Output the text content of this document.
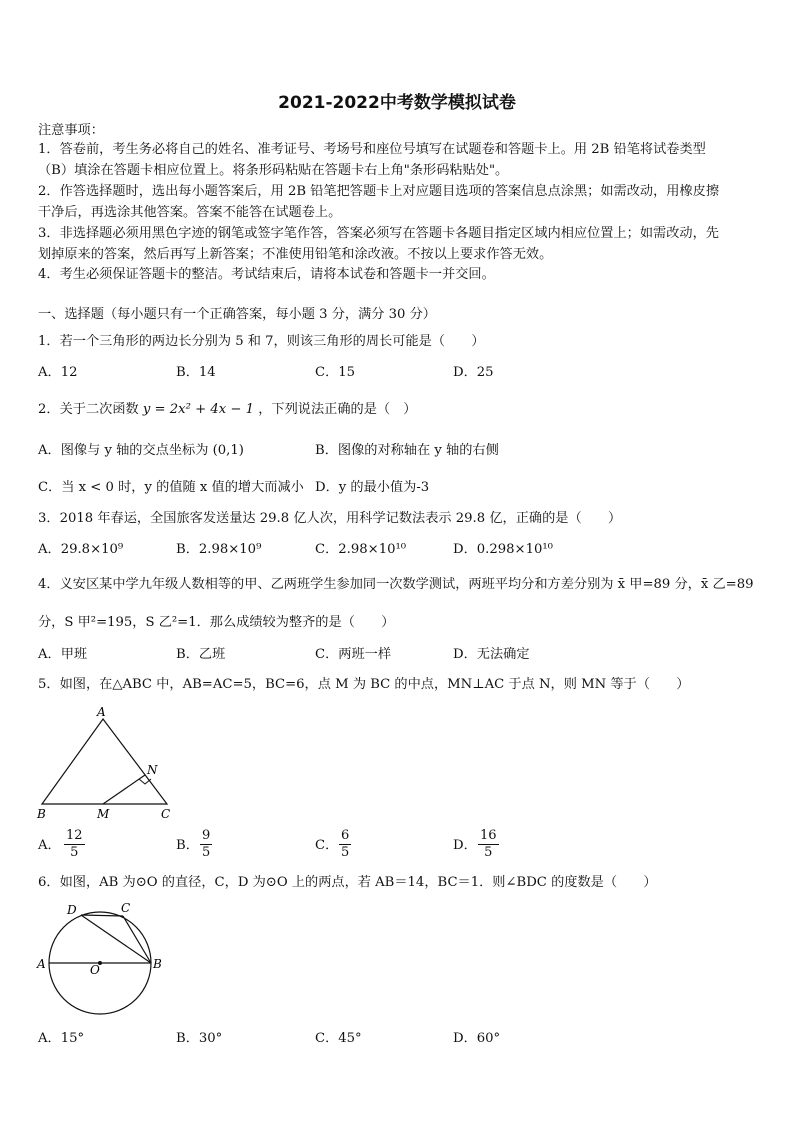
2021-2022中考数学模拟试卷
注意事项：
1．答卷前，考生务必将自己的姓名、准考证号、考场号和座位号填写在试题卷和答题卡上。用 2B 铅笔将试卷类型
（B）填涂在答题卡相应位置上。将条形码粘贴在答题卡右上角"条形码粘贴处"。
2．作答选择题时，选出每小题答案后，用 2B 铅笔把答题卡上对应题目选项的答案信息点涂黑；如需改动，用橡皮擦
干净后，再选涂其他答案。答案不能答在试题卷上。
3．非选择题必须用黑色字迹的钢笔或签字笔作答，答案必须写在答题卡各题目指定区域内相应位置上；如需改动，先
划掉原来的答案，然后再写上新答案；不准使用铅笔和涂改液。不按以上要求作答无效。
4．考生必须保证答题卡的整洁。考试结束后，请将本试卷和答题卡一并交回。
一、选择题（每小题只有一个正确答案，每小题 3 分，满分 30 分）
1．若一个三角形的两边长分别为 5 和 7，则该三角形的周长可能是（　　）
A．12	B．14	C．15	D．25
2．关于二次函数 y = 2x² + 4x − 1 ，下列说法正确的是（　）
A．图像与 y 轴的交点坐标为 (0,1)	B．图像的对称轴在 y 轴的右侧
C．当 x < 0 时，y 的值随 x 值的增大而减小 D．y 的最小值为-3
3．2018 年春运，全国旅客发送量达 29.8 亿人次，用科学记数法表示 29.8 亿，正确的是（　　）
A．29.8×10⁹	B．2.98×10⁹	C．2.98×10¹⁰	D．0.298×10¹⁰
4．义安区某中学九年级人数相等的甲、乙两班学生参加同一次数学测试，两班平均分和方差分别为 x̄ 甲=89 分，x̄ 乙=89
分，S 甲²=195，S 乙²=1．那么成绩较为整齐的是（　　）
A．甲班	B．乙班	C．两班一样	D．无法确定
5．如图，在△ABC 中，AB=AC=5，BC=6，点 M 为 BC 的中点，MN⊥AC 于点 N，则 MN 等于（　　）
A
N
B	M	C
A． $\frac{12}{5}$	B． $\frac{9}{5}$	C． $\frac{6}{5}$	D． $\frac{16}{5}$
6．如图，AB 为⊙O 的直径，C，D 为⊙O 上的两点，若 AB＝14，BC＝1．则∠BDC 的度数是（　　）
D	C
A	O	B
A．15°	B．30°	C．45°	D．60°
